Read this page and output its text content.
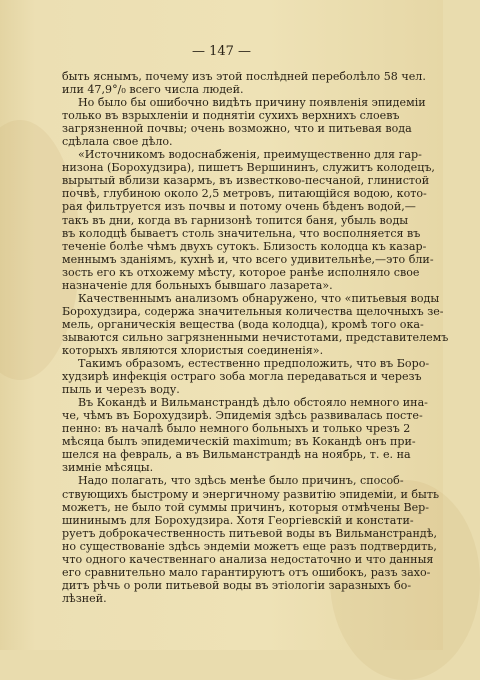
— 147 —
быть яснымъ, почему изъ этой послѣдней переболѣло 58 чел.
или 47,9°/₀ всего числа людей.
Но было бы ошибочно видѣть причину появленія эпидеміи
только въ взрыхленіи и поднятіи сухихъ верхнихъ слоевъ
загрязненной почвы; очень возможно, что и питьевая вода
сдѣлала свое дѣло.
«Источникомъ водоснабженія, преимущественно для гар-
низона (Борохудзира), пишетъ Вершининъ, служитъ колодецъ,
вырытый вблизи казармъ, въ известково-песчаной, глинистой
почвѣ, глубиною около 2,5 метровъ, питающійся водою, кото-
рая фильтруется изъ почвы и потому очень бѣденъ водой,—
такъ въ дни, когда въ гарнизонѣ топится баня, убыль воды
въ колодцѣ бываетъ столь значительна, что восполняется въ
теченіе болѣе чѣмъ двухъ сутокъ. Близость колодца къ казар-
меннымъ зданіямъ, кухнѣ и, что всего удивительнѣе,—это бли-
зость его къ отхожему мѣсту, которое ранѣе исполняло свое
назначеніе для больныхъ бывшаго лазарета».
Качественнымъ анализомъ обнаружено, что «питьевыя воды
Борохудзира, содержа значительныя количества щелочныхъ зе-
мель, органическія вещества (вода колодца), кромѣ того ока-
зываются сильно загрязненными нечистотами, представителемъ
которыхъ являются хлористыя соединенія».
Такимъ образомъ, естественно предположить, что въ Боро-
худзирѣ инфекція остраго зоба могла передаваться и черезъ
пыль и черезъ воду.
Въ Кокандѣ и Вильманстрандѣ дѣло обстояло немного ина-
че, чѣмъ въ Борохудзирѣ. Эпидемія здѣсь развивалась посте-
пенно: въ началѣ было немного больныхъ и только чрезъ 2
мѣсяца былъ эпидемическій maximum; въ Кокандѣ онъ при-
шелся на февраль, а въ Вильманстрандѣ на ноябрь, т. е. на
зимніе мѣсяцы.
Надо полагать, что здѣсь менѣе было причинъ, способ-
ствующихъ быстрому и энергичному развитію эпидеміи, и быть
можетъ, не было той суммы причинъ, которыя отмѣчены Вер-
шининымъ для Борохудзира. Хотя Георгіевскій и констати-
руетъ доброкачественность питьевой воды въ Вильманстрандѣ,
но существованіе здѣсь эндеміи можетъ еще разъ подтвердить,
что одного качественнаго анализа недостаточно и что данныя
его сравнительно мало гарантируютъ отъ ошибокъ, разъ захо-
дитъ рѣчь о роли питьевой воды въ этіологіи заразныхъ бо-
лѣзней.
